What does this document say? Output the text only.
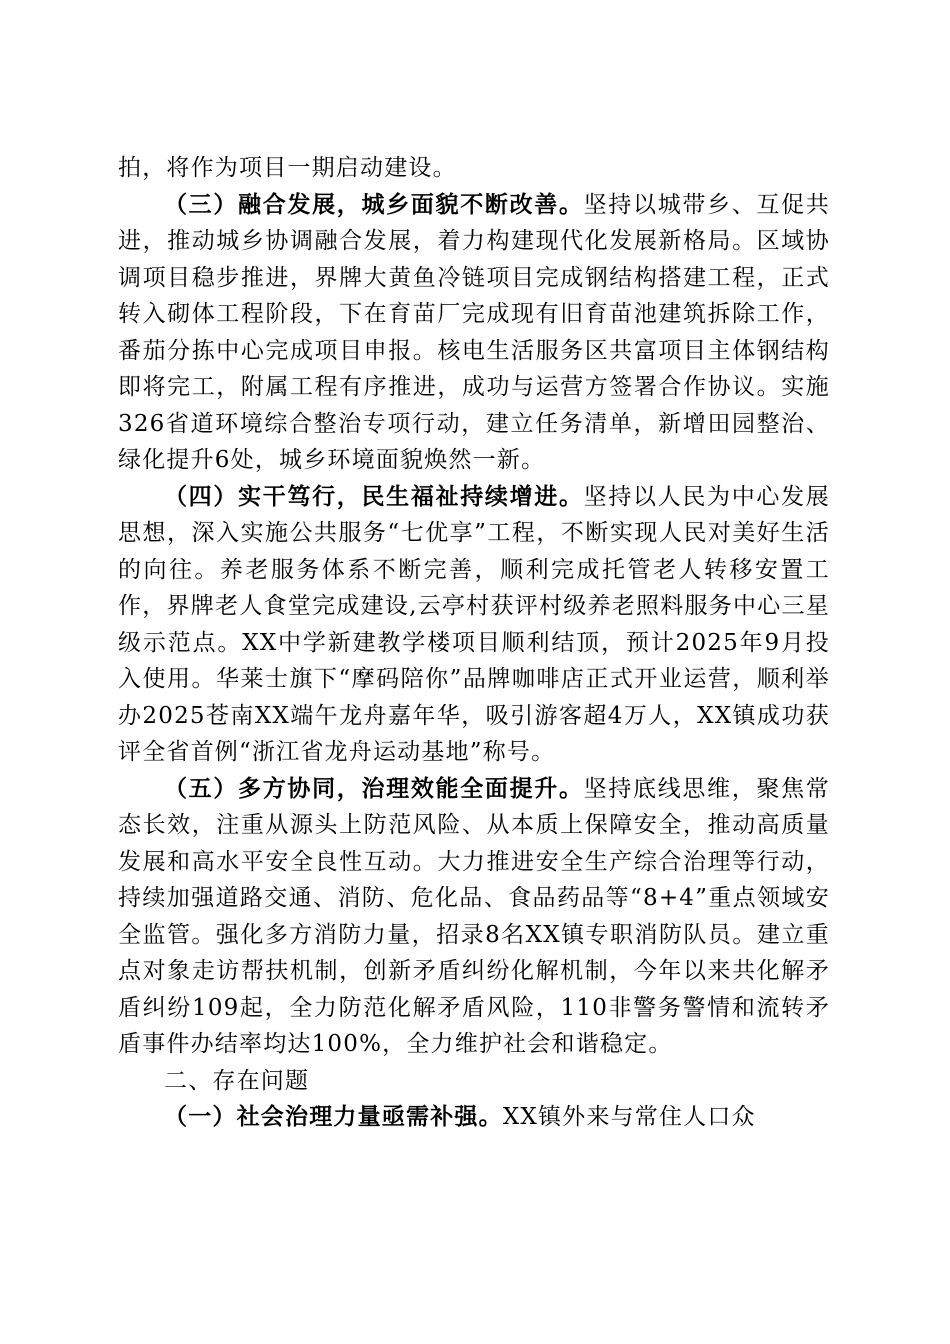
拍，将作为项目一期启动建设。

（三）融合发展，城乡面貌不断改善。坚持以城带乡、互促共进，推动城乡协调融合发展，着力构建现代化发展新格局。区域协调项目稳步推进，界牌大黄鱼冷链项目完成钢结构搭建工程，正式转入砌体工程阶段，下在育苗厂完成现有旧育苗池建筑拆除工作，番茄分拣中心完成项目申报。核电生活服务区共富项目主体钢结构即将完工，附属工程有序推进，成功与运营方签署合作协议。实施326省道环境综合整治专项行动，建立任务清单，新增田园整治、绿化提升6处，城乡环境面貌焕然一新。

（四）实干笃行，民生福祉持续增进。坚持以人民为中心发展思想，深入实施公共服务“七优享”工程，不断实现人民对美好生活的向往。养老服务体系不断完善，顺利完成托管老人转移安置工作，界牌老人食堂完成建设,云亭村获评村级养老照料服务中心三星级示范点。XX中学新建教学楼项目顺利结顶，预计2025年9月投入使用。华莱士旗下“摩码陪你”品牌咖啡店正式开业运营，顺利举办2025苍南XX端午龙舟嘉年华，吸引游客超4万人，XX镇成功获评全省首例“浙江省龙舟运动基地”称号。

（五）多方协同，治理效能全面提升。坚持底线思维，聚焦常态长效，注重从源头上防范风险、从本质上保障安全，推动高质量发展和高水平安全良性互动。大力推进安全生产综合治理等行动，持续加强道路交通、消防、危化品、食品药品等“8+4”重点领域安全监管。强化多方消防力量，招录8名XX镇专职消防队员。建立重点对象走访帮扶机制，创新矛盾纠纷化解机制，今年以来共化解矛盾纠纷109起，全力防范化解矛盾风险，110非警务警情和流转矛盾事件办结率均达100%，全力维护社会和谐稳定。

二、存在问题

（一）社会治理力量亟需补强。XX镇外来与常住人口众
